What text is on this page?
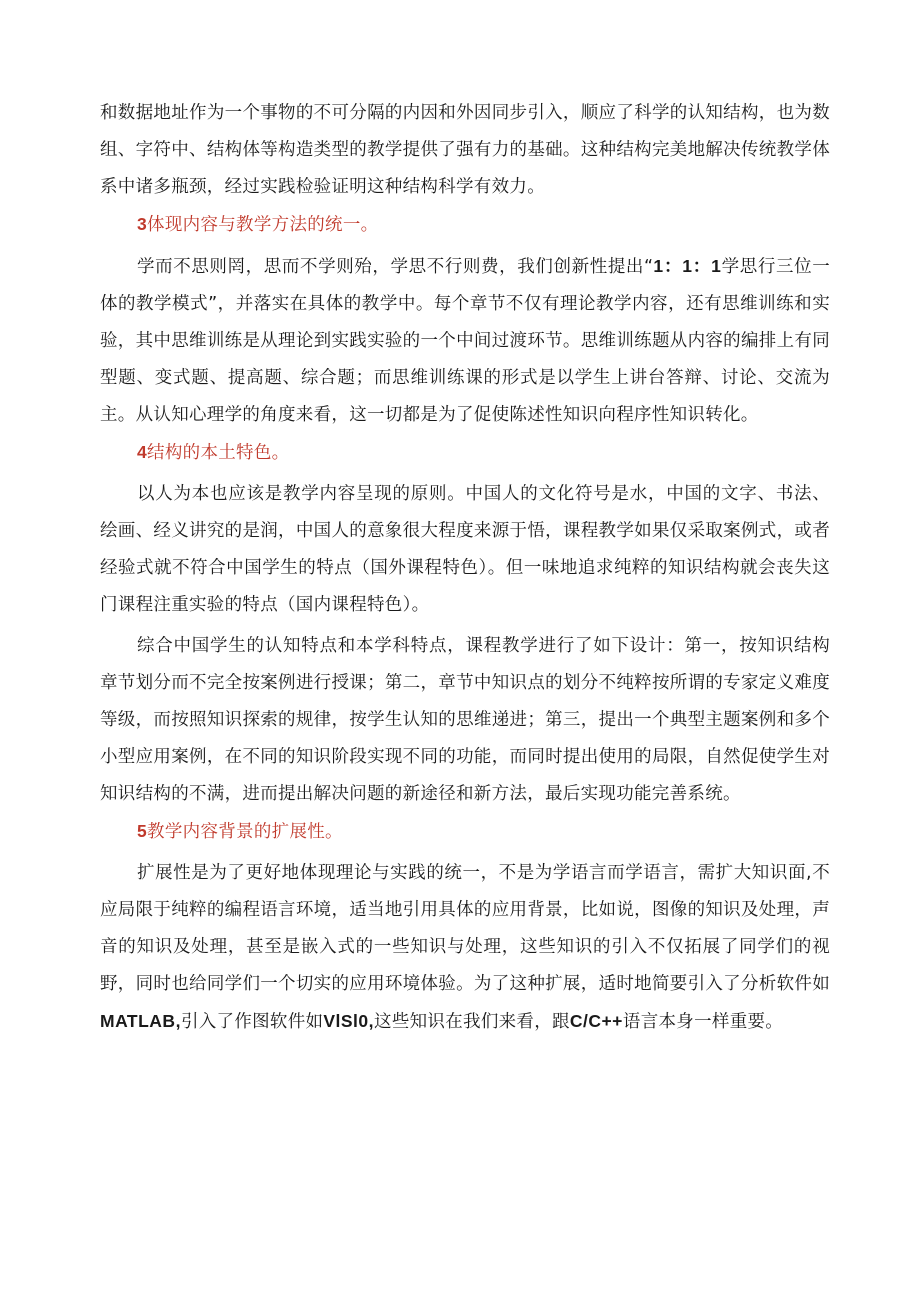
和数据地址作为一个事物的不可分隔的内因和外因同步引入，顺应了科学的认知结构，也为数组、字符中、结构体等构造类型的教学提供了强有力的基础。这种结构完美地解决传统教学体系中诸多瓶颈，经过实践检验证明这种结构科学有效力。

3体现内容与教学方法的统一。

学而不思则罔，思而不学则殆，学思不行则费，我们创新性提出“1：1：1学思行三位一体的教学模式”，并落实在具体的教学中。每个章节不仅有理论教学内容，还有思维训练和实验，其中思维训练是从理论到实践实验的一个中间过渡环节。思维训练题从内容的编排上有同型题、变式题、提高题、综合题；而思维训练课的形式是以学生上讲台答辩、讨论、交流为主。从认知心理学的角度来看，这一切都是为了促使陈述性知识向程序性知识转化。

4结构的本土特色。

以人为本也应该是教学内容呈现的原则。中国人的文化符号是水，中国的文字、书法、绘画、经义讲究的是润，中国人的意象很大程度来源于悟，课程教学如果仅采取案例式，或者经验式就不符合中国学生的特点（国外课程特色）。但一味地追求纯粹的知识结构就会丧失这门课程注重实验的特点（国内课程特色）。

综合中国学生的认知特点和本学科特点，课程教学进行了如下设计：第一，按知识结构章节划分而不完全按案例进行授课；第二，章节中知识点的划分不纯粹按所谓的专家定义难度等级，而按照知识探索的规律，按学生认知的思维递进；第三，提出一个典型主题案例和多个小型应用案例，在不同的知识阶段实现不同的功能，而同时提出使用的局限，自然促使学生对知识结构的不满，进而提出解决问题的新途径和新方法，最后实现功能完善系统。

5教学内容背景的扩展性。

扩展性是为了更好地体现理论与实践的统一，不是为学语言而学语言，需扩大知识面,不应局限于纯粹的编程语言环境，适当地引用具体的应用背景，比如说，图像的知识及处理，声音的知识及处理，甚至是嵌入式的一些知识与处理，这些知识的引入不仅拓展了同学们的视野，同时也给同学们一个切实的应用环境体验。为了这种扩展，适时地简要引入了分析软件如MATLAB,引入了作图软件如VlSl0,这些知识在我们来看，跟C/C++语言本身一样重要。
